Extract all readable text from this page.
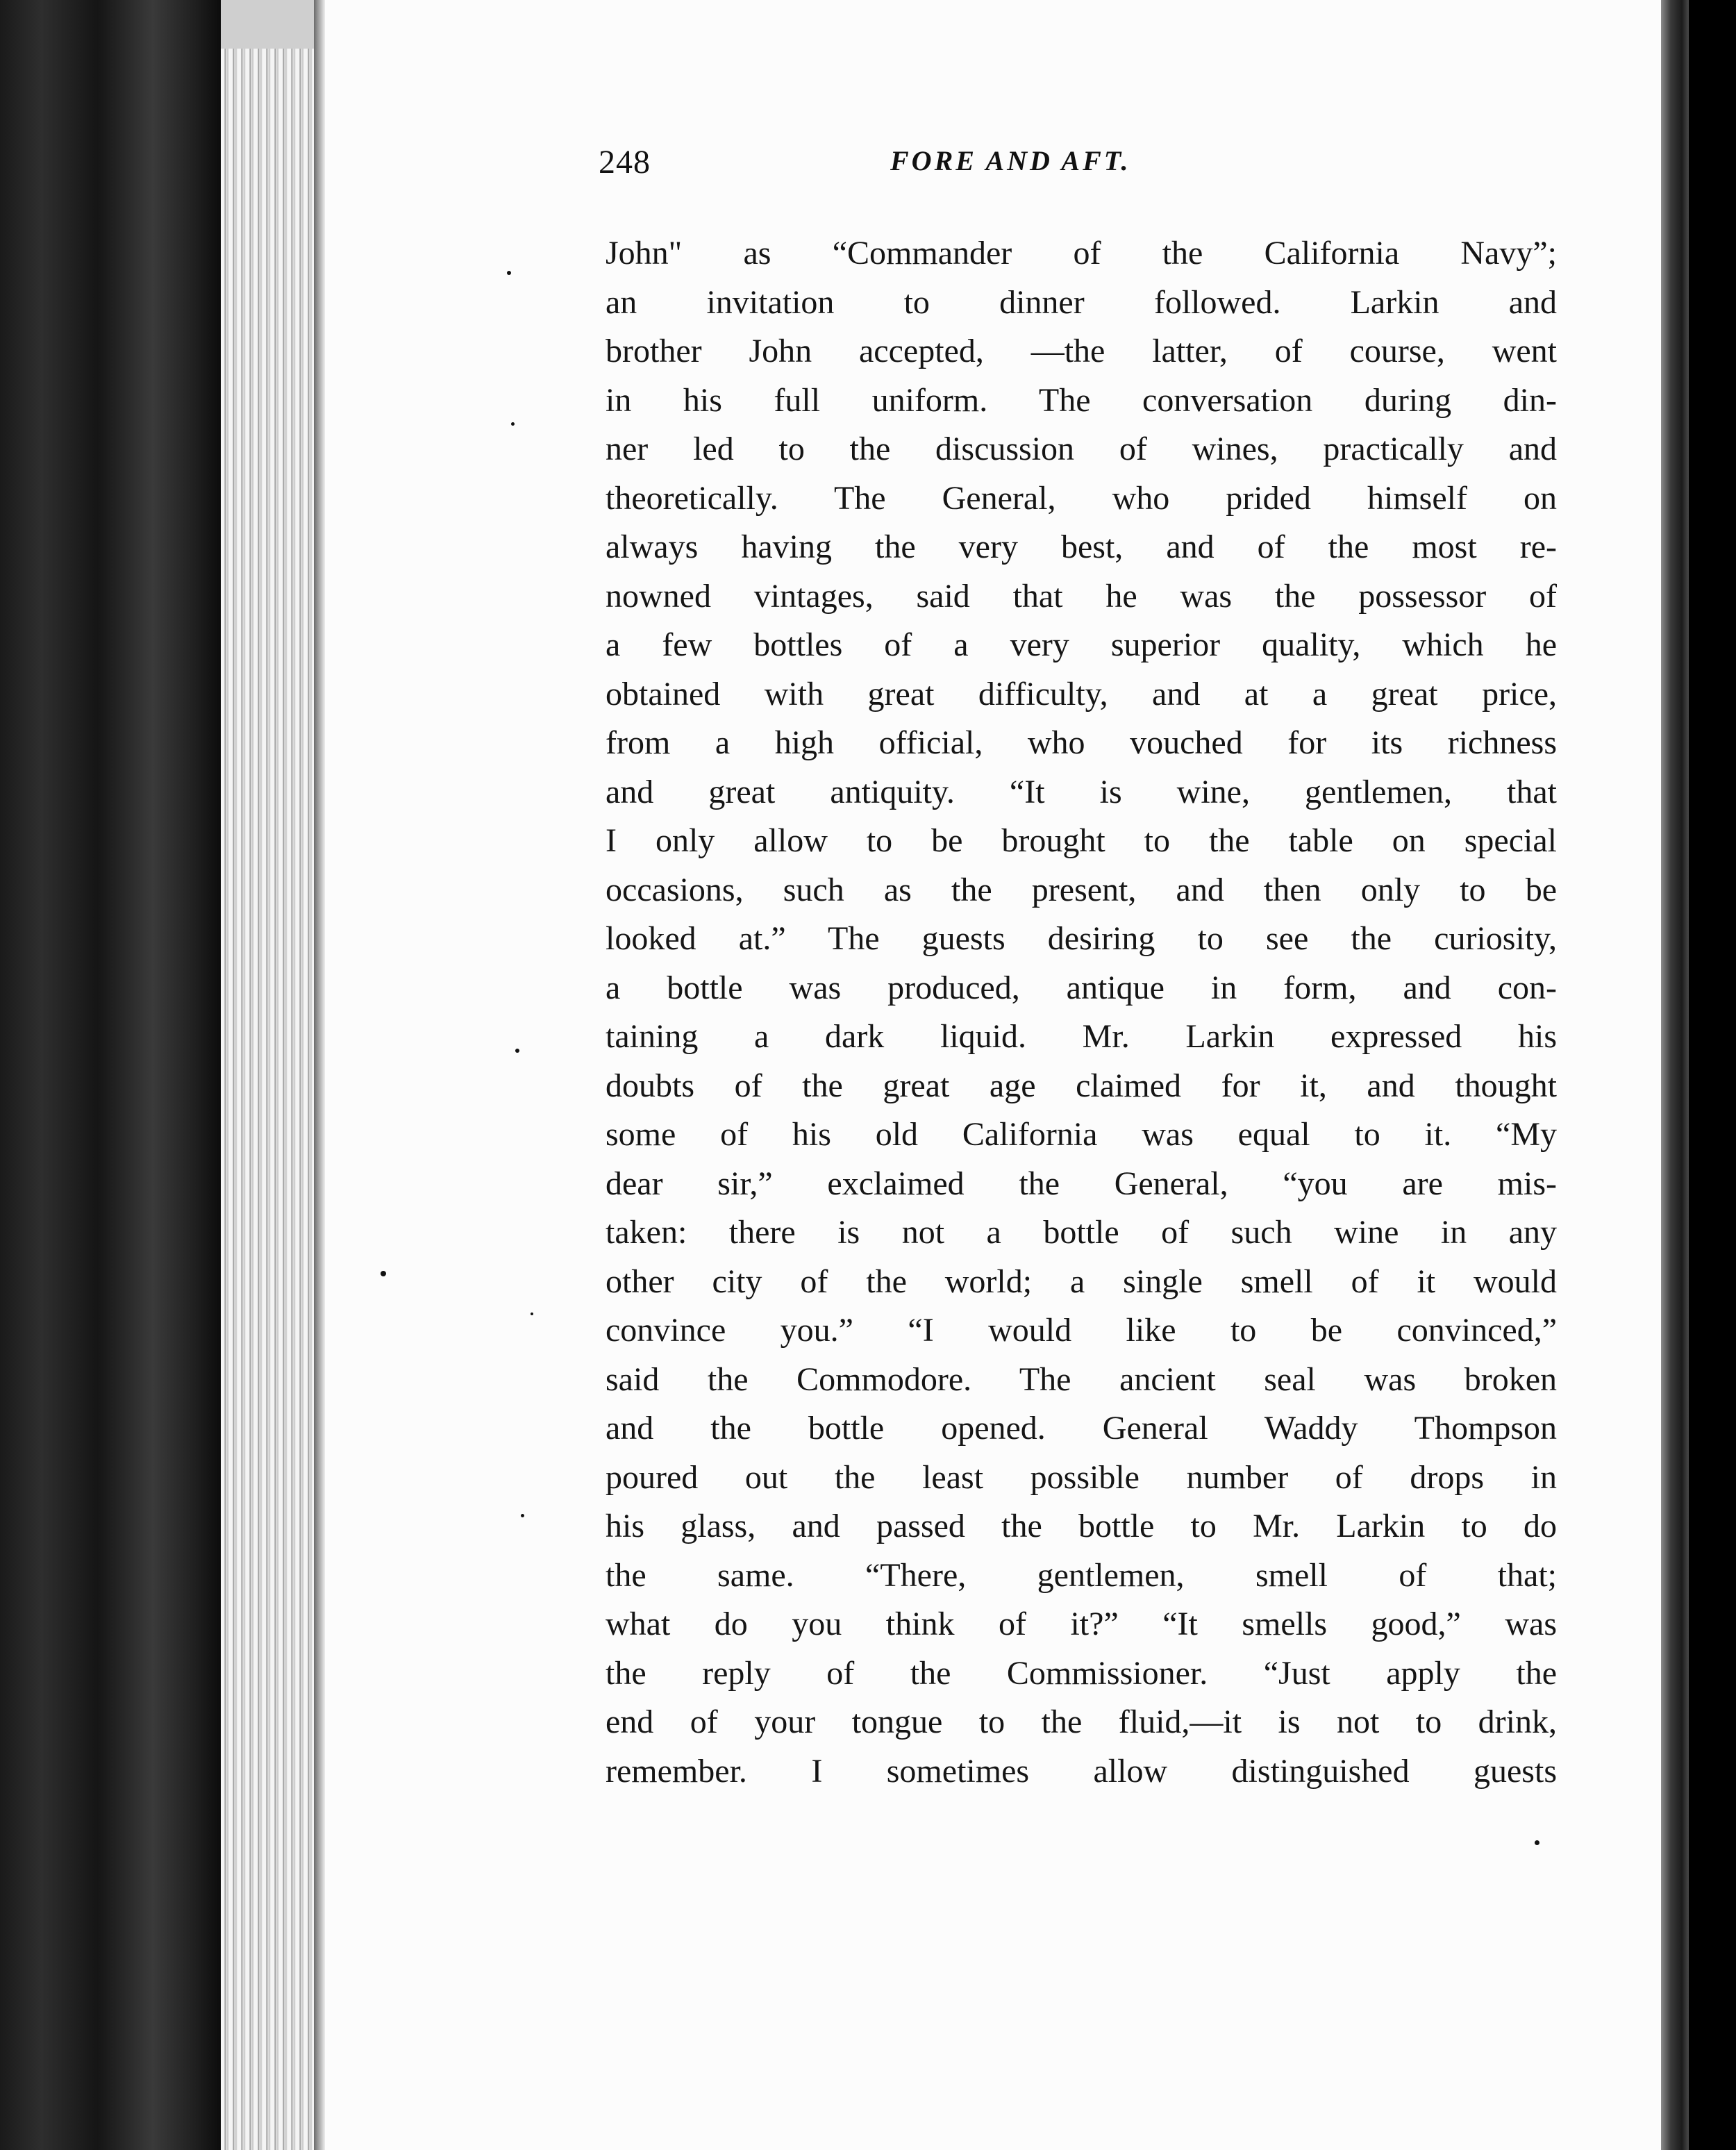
248	FORE AND AFT.
John" as “Commander of the California Navy”;
an invitation to dinner followed. Larkin and
brother John accepted, —the latter, of course, went
in his full uniform. The conversation during din-
ner led to the discussion of wines, practically and
theoretically. The General, who prided himself on
always having the very best, and of the most re-
nowned vintages, said that he was the possessor of
a few bottles of a very superior quality, which he
obtained with great difficulty, and at a great price,
from a high official, who vouched for its richness
and great antiquity. “It is wine, gentlemen, that
I only allow to be brought to the table on special
occasions, such as the present, and then only to be
looked at.” The guests desiring to see the curiosity,
a bottle was produced, antique in form, and con-
taining a dark liquid. Mr. Larkin expressed his
doubts of the great age claimed for it, and thought
some of his old California was equal to it. “My
dear sir,” exclaimed the General, “you are mis-
taken: there is not a bottle of such wine in any
other city of the world; a single smell of it would
convince you.” “I would like to be convinced,”
said the Commodore. The ancient seal was broken
and the bottle opened. General Waddy Thompson
poured out the least possible number of drops in
his glass, and passed the bottle to Mr. Larkin to do
the same. “There, gentlemen, smell of that;
what do you think of it?” “It smells good,” was
the reply of the Commissioner. “Just apply the
end of your tongue to the fluid,—it is not to drink,
remember. I sometimes allow distinguished guests
